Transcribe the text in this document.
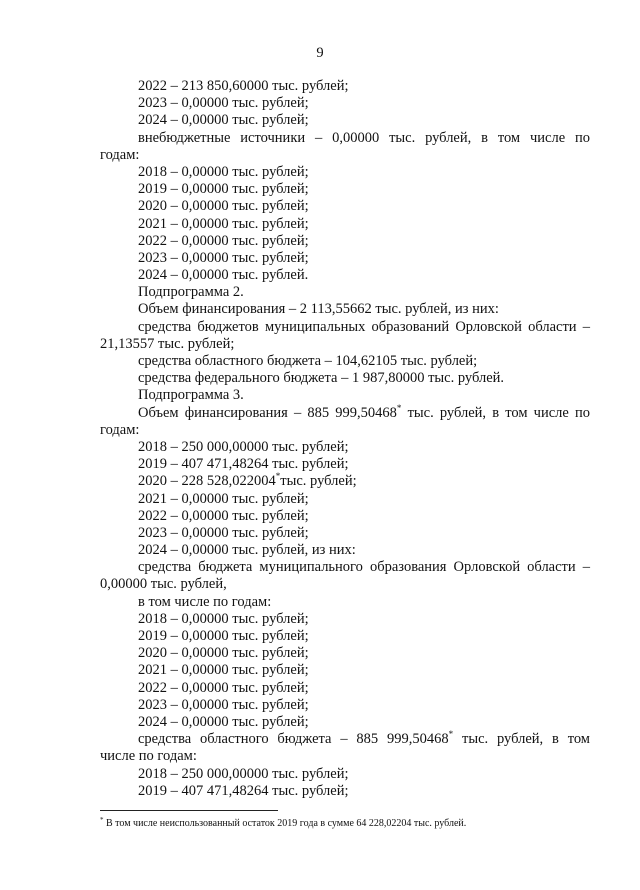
9
2022 – 213 850,60000 тыс. рублей;
2023 – 0,00000 тыс. рублей;
2024 – 0,00000 тыс. рублей;
внебюджетные источники – 0,00000 тыс. рублей, в том числе по
годам:
2018 – 0,00000 тыс. рублей;
2019 – 0,00000 тыс. рублей;
2020 – 0,00000 тыс. рублей;
2021 – 0,00000 тыс. рублей;
2022 – 0,00000 тыс. рублей;
2023 – 0,00000 тыс. рублей;
2024 – 0,00000 тыс. рублей.
Подпрограмма 2.
Объем финансирования – 2 113,55662 тыс. рублей, из них:
средства бюджетов муниципальных образований Орловской области –
21,13557 тыс. рублей;
средства областного бюджета – 104,62105 тыс. рублей;
средства федерального бюджета – 1 987,80000 тыс. рублей.
Подпрограмма 3.
Объем финансирования – 885 999,50468* тыс. рублей, в том числе по
годам:
2018 – 250 000,00000 тыс. рублей;
2019 – 407 471,48264 тыс. рублей;
2020 – 228 528,022004*тыс. рублей;
2021 – 0,00000 тыс. рублей;
2022 – 0,00000 тыс. рублей;
2023 – 0,00000 тыс. рублей;
2024 – 0,00000 тыс. рублей, из них:
средства бюджета муниципального образования Орловской области –
0,00000 тыс. рублей,
в том числе по годам:
2018 – 0,00000 тыс. рублей;
2019 – 0,00000 тыс. рублей;
2020 – 0,00000 тыс. рублей;
2021 – 0,00000 тыс. рублей;
2022 – 0,00000 тыс. рублей;
2023 – 0,00000 тыс. рублей;
2024 – 0,00000 тыс. рублей;
средства областного бюджета – 885 999,50468* тыс. рублей, в том
числе по годам:
2018 – 250 000,00000 тыс. рублей;
2019 – 407 471,48264 тыс. рублей;
* В том числе неиспользованный остаток 2019 года в сумме 64 228,02204 тыс. рублей.
